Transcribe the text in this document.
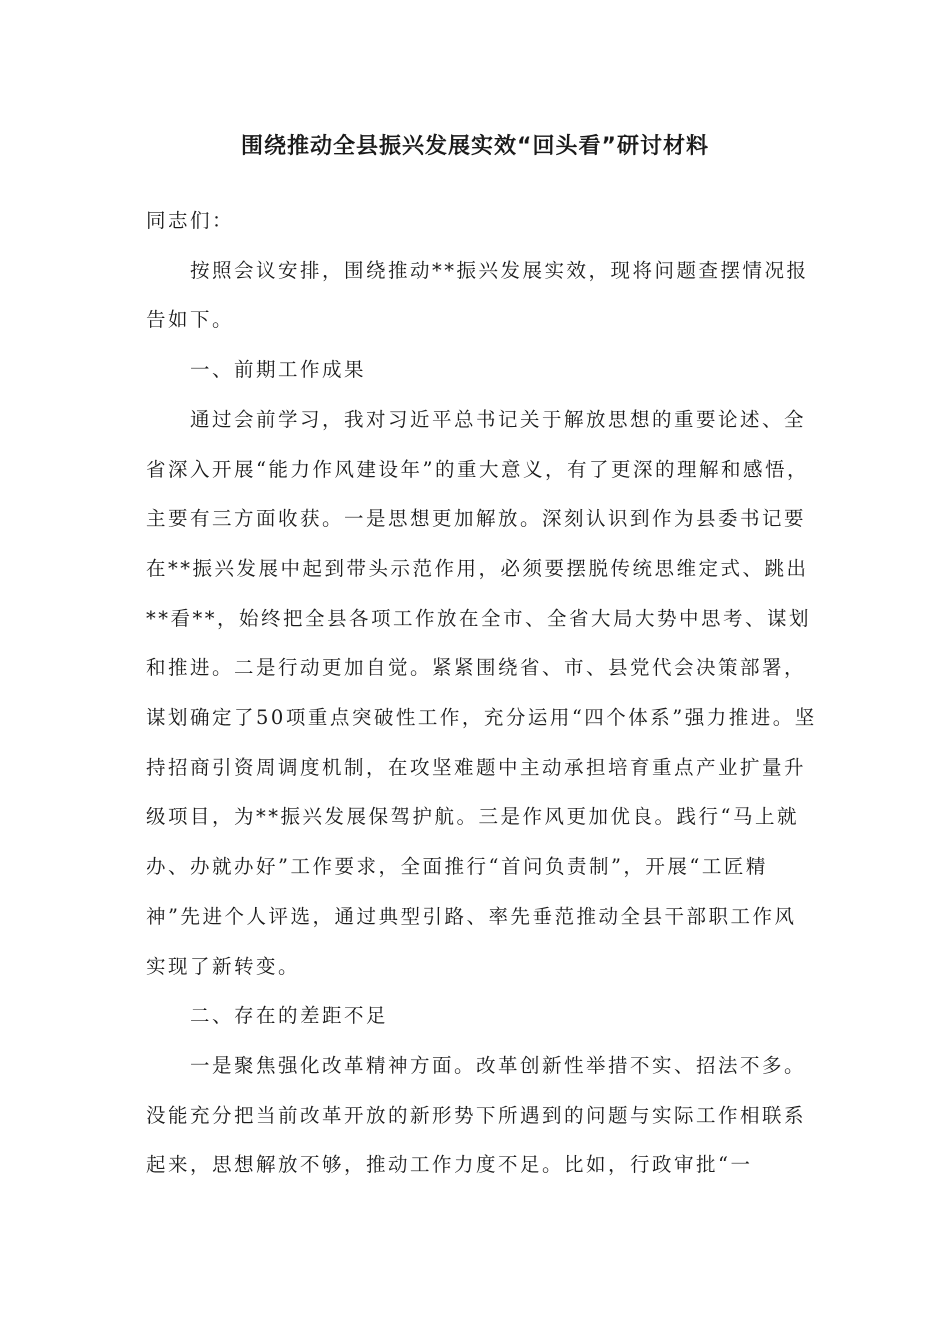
围绕推动全县振兴发展实效“回头看”研讨材料

同志们：

按照会议安排，围绕推动**振兴发展实效，现将问题查摆情况报告如下。

一、前期工作成果

通过会前学习，我对习近平总书记关于解放思想的重要论述、全省深入开展“能力作风建设年”的重大意义，有了更深的理解和感悟，主要有三方面收获。一是思想更加解放。深刻认识到作为县委书记要在**振兴发展中起到带头示范作用，必须要摆脱传统思维定式、跳出**看**，始终把全县各项工作放在全市、全省大局大势中思考、谋划和推进。二是行动更加自觉。紧紧围绕省、市、县党代会决策部署，谋划确定了50项重点突破性工作，充分运用“四个体系”强力推进。坚持招商引资周调度机制，在攻坚难题中主动承担培育重点产业扩量升级项目，为**振兴发展保驾护航。三是作风更加优良。践行“马上就办、办就办好”工作要求，全面推行“首问负责制”，开展“工匠精神”先进个人评选，通过典型引路、率先垂范推动全县干部职工作风实现了新转变。

二、存在的差距不足

一是聚焦强化改革精神方面。改革创新性举措不实、招法不多。没能充分把当前改革开放的新形势下所遇到的问题与实际工作相联系起来，思想解放不够，推动工作力度不足。比如，行政审批“一
